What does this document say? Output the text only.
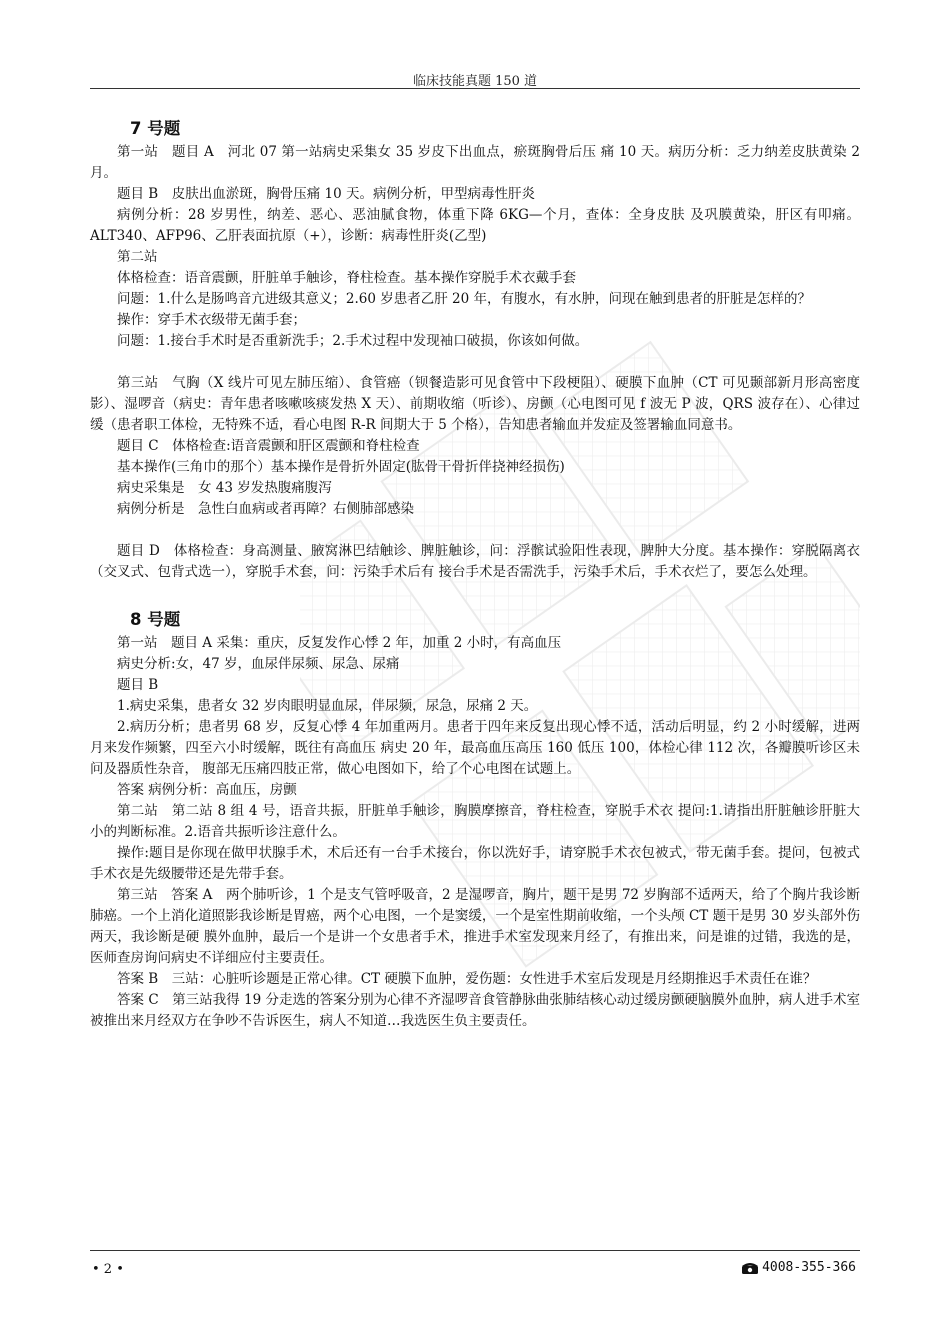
临床技能真题 150 道
7 号题

第一站　题目 A　河北 07 第一站病史采集女 35 岁皮下出血点，瘀斑胸骨后压 痛 10 天。病历分析：乏力纳差皮肤黄染 2 月。

题目 B　皮肤出血淤斑，胸骨压痛 10 天。病例分析，甲型病毒性肝炎

病例分析：28 岁男性，纳差、恶心、恶油腻食物，体重下降 6KG—个月，查体：全身皮肤 及巩膜黄染，肝区有叩痛。ALT340、AFP96、乙肝表面抗原（+），诊断：病毒性肝炎(乙型)

第二站

体格检查：语音震颤，肝脏单手触诊，脊柱检查。基本操作穿脱手术衣戴手套

问题：1.什么是肠鸣音亢进级其意义；2.60 岁患者乙肝 20 年，有腹水，有水肿，问现在触到患者的肝脏是怎样的？

操作：穿手术衣级带无菌手套；

问题：1.接台手术时是否重新洗手；2.手术过程中发现袖口破损，你该如何做。

第三站　气胸（X 线片可见左肺压缩）、食管癌（钡餐造影可见食管中下段梗阻）、硬膜下血肿（CT 可见颞部新月形高密度影）、湿啰音（病史：青年患者咳嗽咳痰发热 X 天）、前期收缩（听诊）、房颤（心电图可见 f 波无 P 波，QRS 波存在）、心律过缓（患者职工体检，无特殊不适，看心电图 R-R 间期大于 5 个格），告知患者输血并发症及签署输血同意书。

题目 C　体格检查:语音震颤和肝区震颤和脊柱检查

基本操作(三角巾的那个）基本操作是骨折外固定(肱骨干骨折伴挠神经损伤)

病史采集是　女 43 岁发热腹痛腹泻

病例分析是　急性白血病或者再障？右侧肺部感染

题目 D　体格检查：身高测量、腋窝淋巴结触诊、脾脏触诊，问：浮髌试验阳性表现，脾肿大分度。基本操作：穿脱隔离衣（交叉式、包背式选一），穿脱手术套，问：污染手术后有 接台手术是否需洗手，污染手术后，手术衣烂了，要怎么处理。

8 号题

第一站　题目 A 采集：重庆，反复发作心悸 2 年，加重 2 小时，有高血压

病史分析:女，47 岁，血尿伴尿频、尿急、尿痛

题目 B

1.病史采集，患者女 32 岁肉眼明显血尿，伴尿频，尿急，尿痛 2 天。

2.病历分析；患者男 68 岁，反复心悸 4 年加重两月。患者于四年来反复出现心悸不适，活动后明显，约 2 小时缓解，进两月来发作频繁，四至六小时缓解，既往有高血压 病史 20 年，最高血压高压 160 低压 100，体检心律 112 次，各瓣膜听诊区未问及器质性杂音， 腹部无压痛四肢正常，做心电图如下，给了个心电图在试题上。

答案 病例分析：高血压，房颤

第二站　第二站 8 组 4 号，语音共振，肝脏单手触诊，胸膜摩擦音，脊柱检查，穿脱手术衣 提问:1.请指出肝脏触诊肝脏大小的判断标准。2.语音共振听诊注意什么。

操作:题目是你现在做甲状腺手术，术后还有一台手术接台，你以洗好手，请穿脱手术衣包被式，带无菌手套。提问，包被式手术衣是先级腰带还是先带手套。

第三站　答案 A　两个肺听诊，1 个是支气管呼吸音，2 是湿啰音，胸片，题干是男 72 岁胸部不适两天，给了个胸片我诊断肺癌。一个上消化道照影我诊断是胃癌，两个心电图，一个是窦缓，一个是室性期前收缩，一个头颅 CT 题干是男 30 岁头部外伤两天，我诊断是硬 膜外血肿，最后一个是讲一个女患者手术，推进手术室发现来月经了，有推出来，问是谁的过错，我选的是，医师查房询问病史不详细应付主要责任。

答案 B　三站：心脏听诊题是正常心律。CT 硬膜下血肿，爱伤题：女性进手术室后发现是月经期推迟手术责任在谁？

答案 C　第三站我得 19 分走选的答案分别为心律不齐湿啰音食管静脉曲张肺结核心动过缓房颤硬脑膜外血肿，病人进手术室被推出来月经双方在争吵不告诉医生，病人不知道…我选医生负主要责任。

• 2 •	4008-355-366
